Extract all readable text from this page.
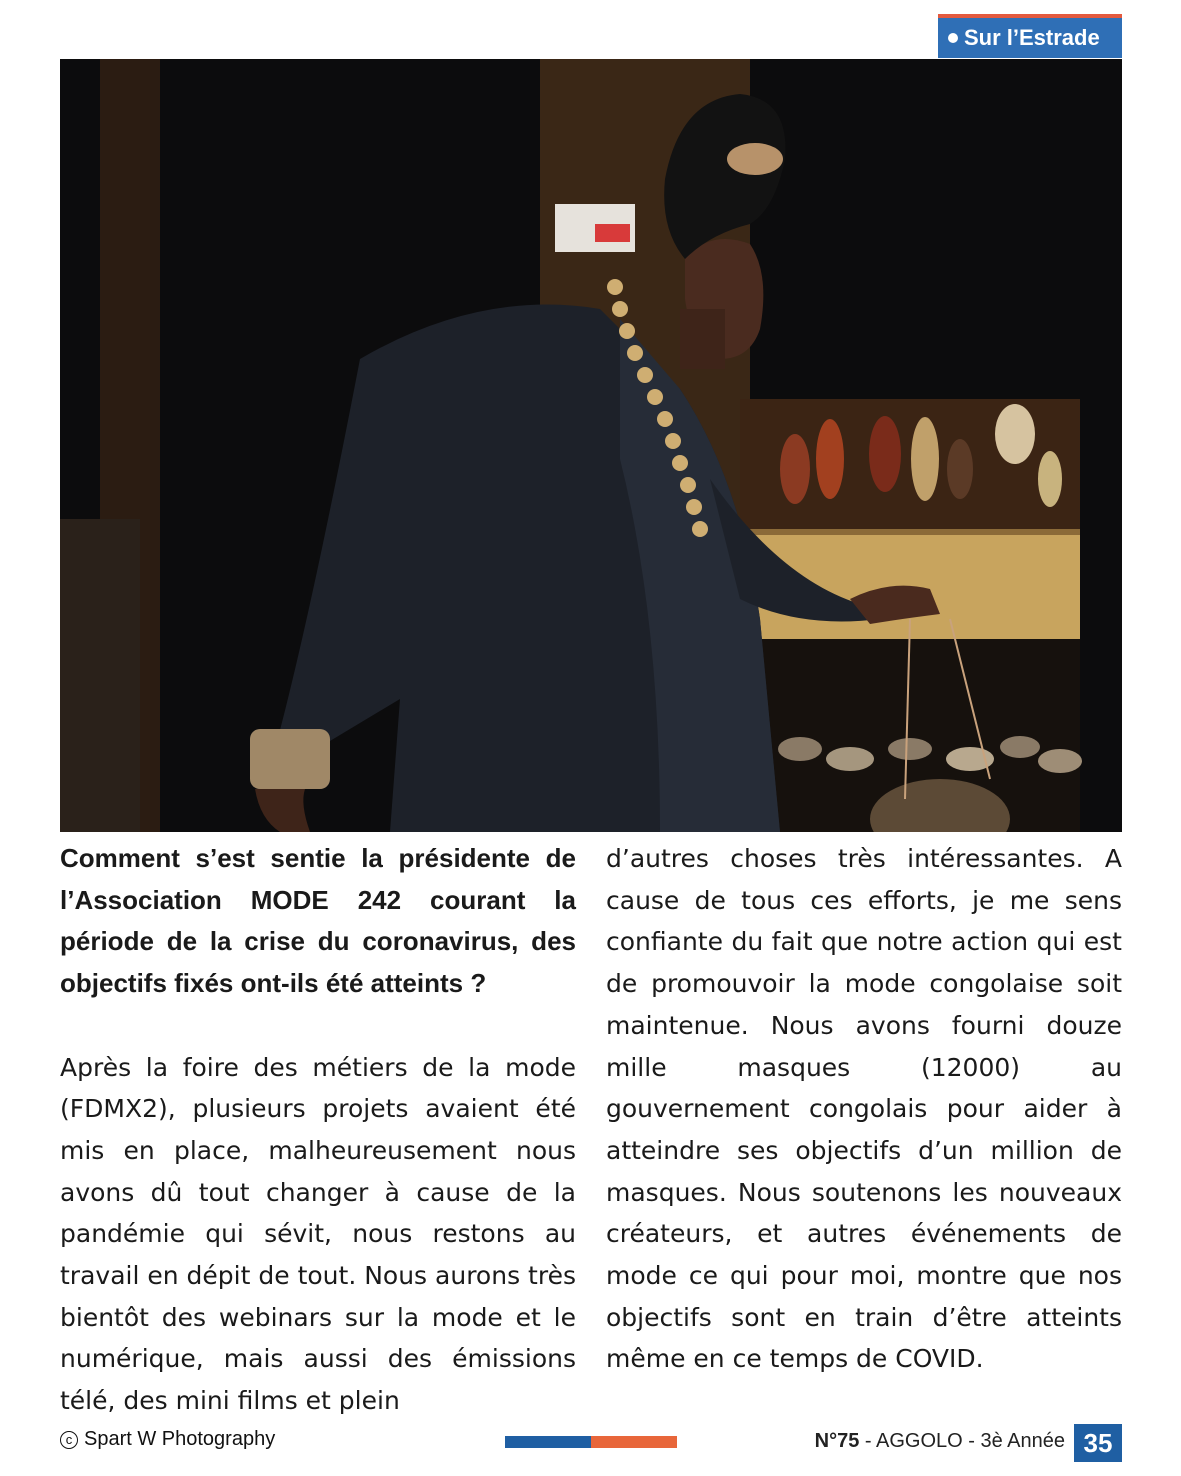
Sur l’Estrade

Comment s’est sentie la présidente de l’Association MODE 242 courant la période de la crise du coronavirus, des objectifs fixés ont-ils été atteints ?

Après la foire des métiers de la mode (FDMX2), plusieurs projets avaient été mis en place, malheureusement nous avons dû tout changer à cause de la pandémie qui sévit, nous restons au travail en dépit de tout. Nous aurons très bientôt des webinars sur la mode et le numérique, mais aussi des émissions télé, des mini films et plein

d’autres choses très intéressantes. A cause de tous ces efforts, je me sens confiante du fait que notre action qui est de promouvoir la mode congolaise soit maintenue. Nous avons fourni douze mille masques (12000) au gouvernement congolais pour aider à atteindre ses objectifs d’un million de masques. Nous soutenons les nouveaux créateurs, et autres événements de mode ce qui pour moi, montre que nos objectifs sont en train d’être atteints même en ce temps de COVID.

c Spart W Photography	N°75 - AGGOLO - 3è Année 35
